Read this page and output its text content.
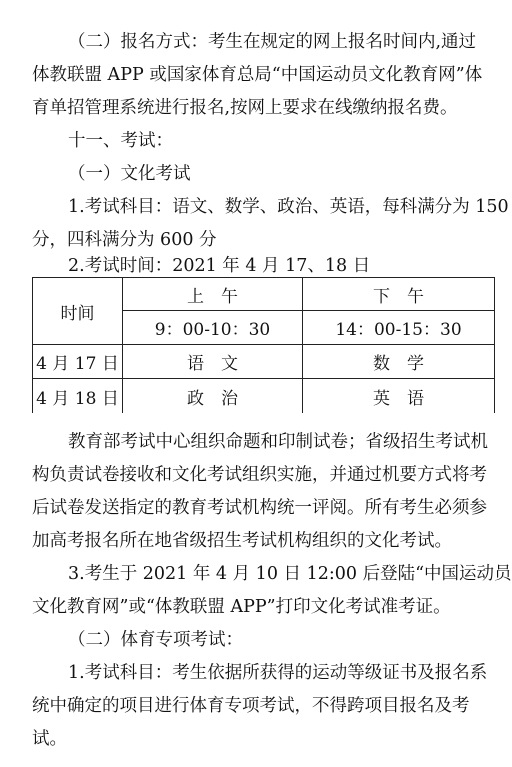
（二）报名方式：考生在规定的网上报名时间内,通过
体教联盟 APP 或国家体育总局“中国运动员文化教育网”体
育单招管理系统进行报名,按网上要求在线缴纳报名费。
十一、考试：
（一）文化考试
1.考试科目：语文、数学、政治、英语，每科满分为 150
分，四科满分为 600 分
2.考试时间：2021 年 4 月 17、18 日
时间	上　午	下　午
	9：00-10：30	14：00-15：30
4 月 17 日	语　文	数　学
4 月 18 日	政　治	英　语
教育部考试中心组织命题和印制试卷；省级招生考试机
构负责试卷接收和文化考试组织实施，并通过机要方式将考
后试卷发送指定的教育考试机构统一评阅。所有考生必须参
加高考报名所在地省级招生考试机构组织的文化考试。
3.考生于 2021 年 4 月 10 日 12:00 后登陆“中国运动员
文化教育网”或“体教联盟 APP”打印文化考试准考证。
（二）体育专项考试：
1.考试科目：考生依据所获得的运动等级证书及报名系
统中确定的项目进行体育专项考试，不得跨项目报名及考
试。
